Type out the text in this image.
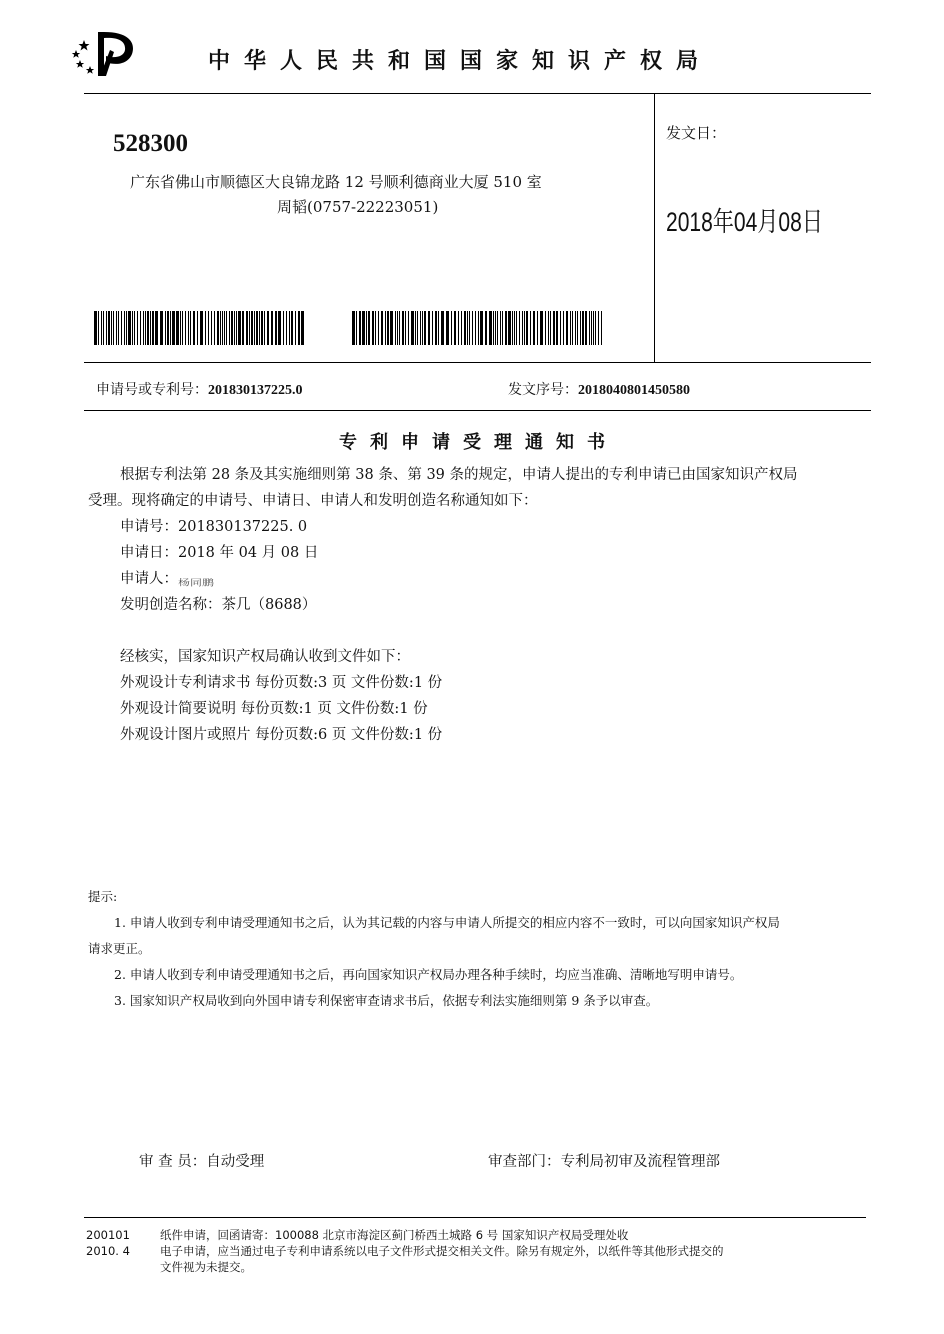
中华人民共和国国家知识产权局
528300
广东省佛山市顺德区大良锦龙路 12 号顺利德商业大厦 510 室
周韬(0757-22223051)
发文日：
2018年04月08日
申请号或专利号：201830137225.0	发文序号：2018040801450580
专利申请受理通知书

根据专利法第 28 条及其实施细则第 38 条、第 39 条的规定，申请人提出的专利申请已由国家知识产权局

受理。现将确定的申请号、申请日、申请人和发明创造名称通知如下：

申请号：201830137225. 0

申请日：2018 年 04 月 08 日

申请人：杨同鹏

发明创造名称：茶几（8688）

经核实，国家知识产权局确认收到文件如下：

外观设计专利请求书 每份页数:3 页 文件份数:1 份

外观设计简要说明 每份页数:1 页 文件份数:1 份

外观设计图片或照片 每份页数:6 页 文件份数:1 份

提示:

1. 申请人收到专利申请受理通知书之后，认为其记载的内容与申请人所提交的相应内容不一致时，可以向国家知识产权局

请求更正。

2. 申请人收到专利申请受理通知书之后，再向国家知识产权局办理各种手续时，均应当准确、清晰地写明申请号。

3. 国家知识产权局收到向外国申请专利保密审查请求书后，依据专利法实施细则第 9 条予以审查。

审 查 员：自动受理	审查部门：专利局初审及流程管理部
200101	纸件申请，回函请寄：100088 北京市海淀区蓟门桥西土城路 6 号 国家知识产权局受理处收
2010. 4	电子申请，应当通过电子专利申请系统以电子文件形式提交相关文件。除另有规定外，以纸件等其他形式提交的
文件视为未提交。
